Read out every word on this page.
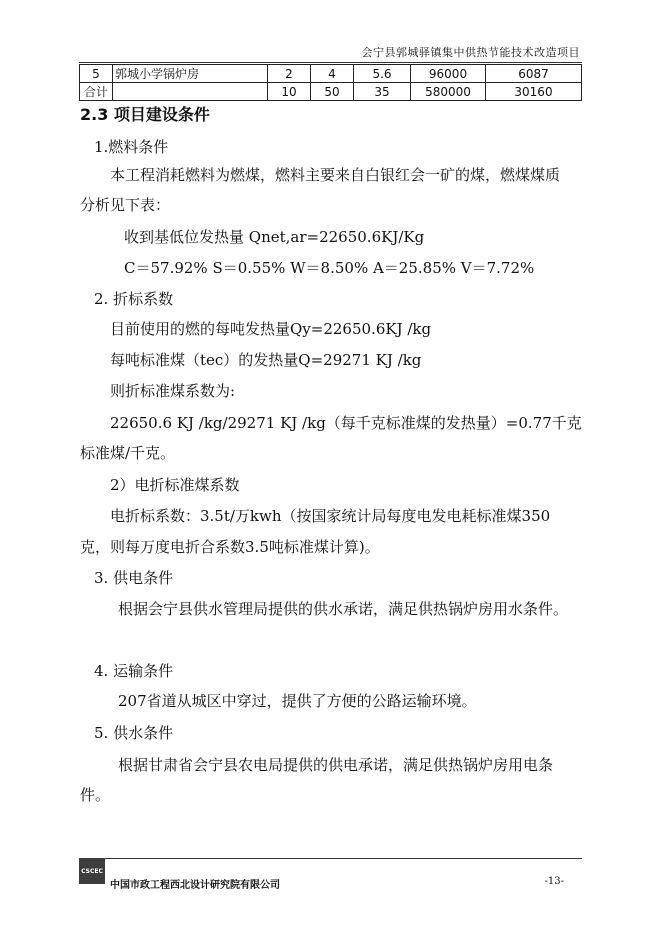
会宁县郭城驿镇集中供热节能技术改造项目
5	郭城小学锅炉房	2	4	5.6	96000	6087
合计		10	50	35	580000	30160
2.3 项目建设条件
1.燃料条件
本工程消耗燃料为燃煤，燃料主要来自白银红会一矿的煤，燃煤煤质
分析见下表：
收到基低位发热量 Qnet,ar=22650.6KJ/Kg
C＝57.92% S＝0.55% W＝8.50% A＝25.85% V＝7.72%
2. 折标系数
目前使用的燃的每吨发热量Qy=22650.6KJ /kg
每吨标准煤（tec）的发热量Q=29271 KJ /kg
则折标准煤系数为:
22650.6 KJ /kg/29271 KJ /kg（每千克标准煤的发热量）=0.77千克
标准煤/千克。
2）电折标准煤系数
电折标系数：3.5t/万kwh（按国家统计局每度电发电耗标准煤350
克，则每万度电折合系数3.5吨标准煤计算)。
3. 供电条件
根据会宁县供水管理局提供的供水承诺，满足供热锅炉房用水条件。
4. 运输条件
207省道从城区中穿过，提供了方便的公路运输环境。
5. 供水条件
根据甘肃省会宁县农电局提供的供电承诺，满足供热锅炉房用电条
件。
CSCEC
中国市政工程西北设计研究院有限公司	-13-
